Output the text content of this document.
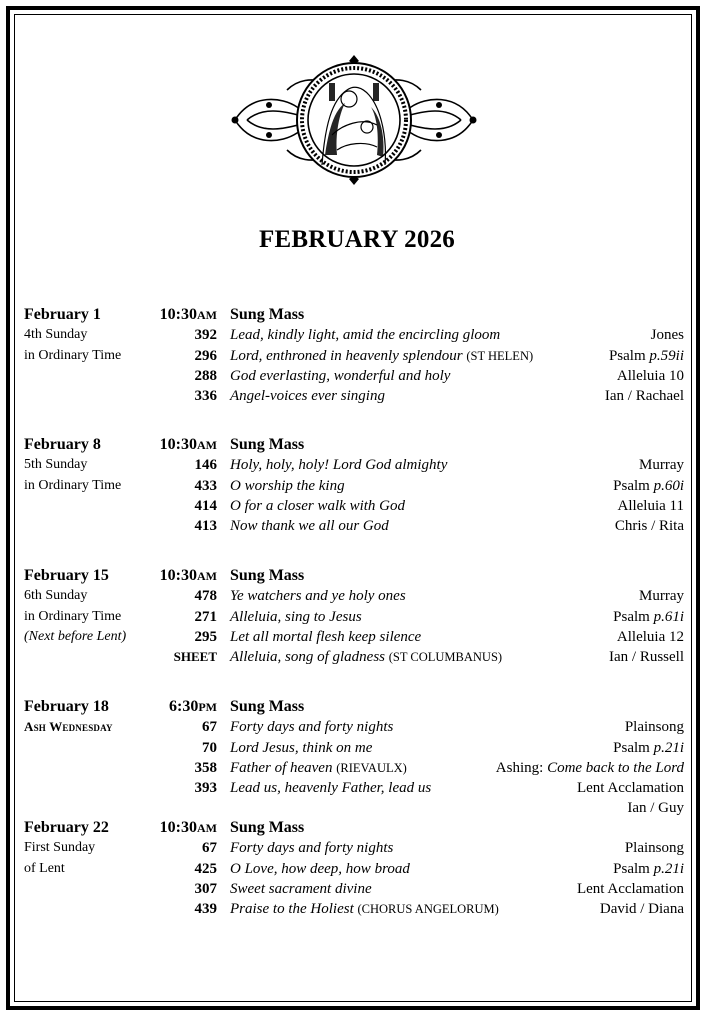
FEBRUARY 2026
February 1	10:30AM Sung Mass
4th Sunday	392 Lead, kindly light, amid the encircling gloom	Jones
in Ordinary Time	296 Lord, enthroned in heavenly splendour (ST HELEN)	Psalm p.59ii
288 God everlasting, wonderful and holy	Alleluia 10
336 Angel-voices ever singing	Ian / Rachael
February 8	10:30AM Sung Mass
5th Sunday	146 Holy, holy, holy! Lord God almighty	Murray
in Ordinary Time	433 O worship the king	Psalm p.60i
414 O for a closer walk with God	Alleluia 11
413 Now thank we all our God	Chris / Rita
February 15	10:30AM Sung Mass
6th Sunday	478 Ye watchers and ye holy ones	Murray
in Ordinary Time	271 Alleluia, sing to Jesus	Psalm p.61i
(Next before Lent)	295 Let all mortal flesh keep silence	Alleluia 12
SHEET Alleluia, song of gladness (ST COLUMBANUS)	Ian / Russell
February 18	6:30PM Sung Mass
Ash Wednesday	67 Forty days and forty nights	Plainsong
70 Lord Jesus, think on me	Psalm p.21i
358 Father of heaven (RIEVAULX)	Ashing: Come back to the Lord
393 Lead us, heavenly Father, lead us	Lent Acclamation
Ian / Guy
February 22	10:30AM Sung Mass
First Sunday	67 Forty days and forty nights	Plainsong
of Lent	425 O Love, how deep, how broad	Psalm p.21i
307 Sweet sacrament divine	Lent Acclamation
439 Praise to the Holiest (CHORUS ANGELORUM)	David / Diana
